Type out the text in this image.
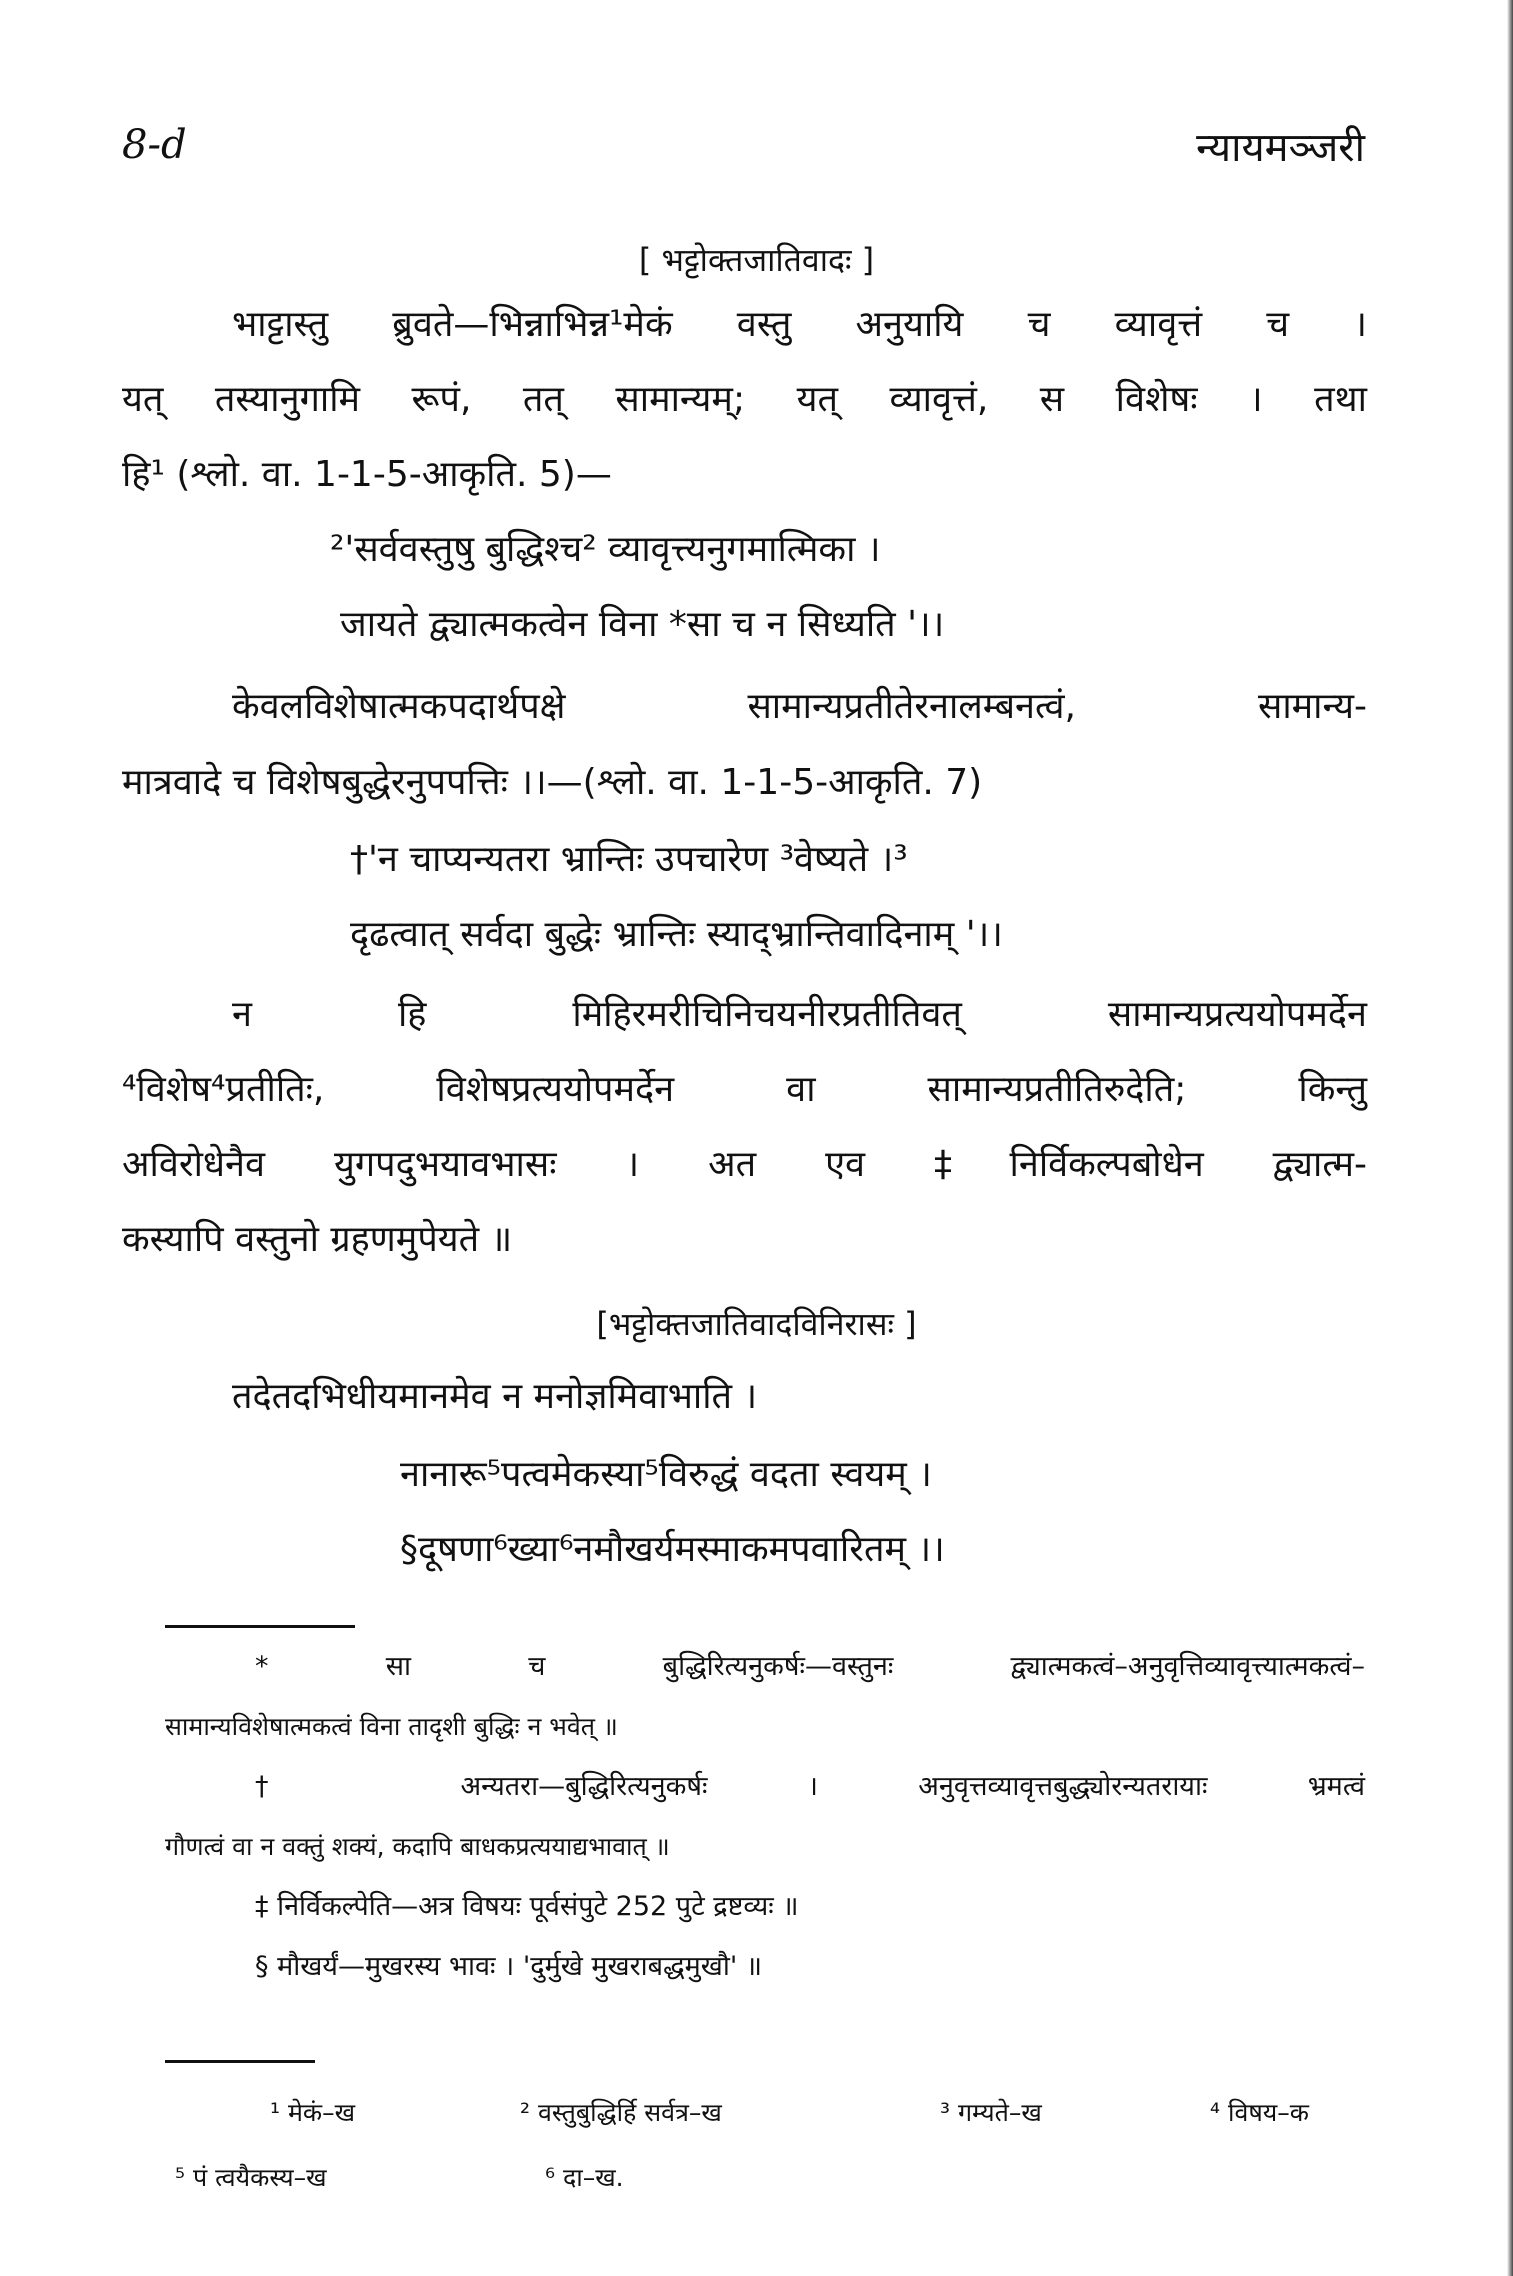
8-d	न्यायमञ्जरी
[ भट्टोक्तजातिवादः ]
भाट्टास्तु ब्रुवते—भिन्नाभिन्न¹मेकं वस्तु अनुयायि च व्यावृत्तं च ।
यत् तस्यानुगामि रूपं, तत् सामान्यम्; यत् व्यावृत्तं, स विशेषः । तथा
हि¹ (श्लो. वा. 1-1-5-आकृति. 5)—
²'सर्ववस्तुषु बुद्धिश्च² व्यावृत्त्यनुगमात्मिका ।
जायते द्व्यात्मकत्वेन विना *सा च न सिध्यति '।।
केवलविशेषात्मकपदार्थपक्षे सामान्यप्रतीतेरनालम्बनत्वं, सामान्य-
मात्रवादे च विशेषबुद्धेरनुपपत्तिः ।।—(श्लो. वा. 1-1-5-आकृति. 7)
†'न चाप्यन्यतरा भ्रान्तिः उपचारेण ³वेष्यते ।³
दृढत्वात् सर्वदा बुद्धेः भ्रान्तिः स्याद्भ्रान्तिवादिनाम् '।।
न हि मिहिरमरीचिनिचयनीरप्रतीतिवत् सामान्यप्रत्ययोपमर्देन
⁴विशेष⁴प्रतीतिः, विशेषप्रत्ययोपमर्देन वा सामान्यप्रतीतिरुदेति; किन्तु
अविरोधेनैव युगपदुभयावभासः । अत एव ‡निर्विकल्पबोधेन द्व्यात्म-
कस्यापि वस्तुनो ग्रहणमुपेयते ॥
[भट्टोक्तजातिवादविनिरासः ]
तदेतदभिधीयमानमेव न मनोज्ञमिवाभाति ।
नानारू⁵पत्वमेकस्या⁵विरुद्धं वदता स्वयम् ।
§दूषणा⁶ख्या⁶नमौखर्यमस्माकमपवारितम् ।।
* सा च बुद्धिरित्यनुकर्षः—वस्तुनः द्व्यात्मकत्वं–अनुवृत्तिव्यावृत्त्यात्मकत्वं–
सामान्यविशेषात्मकत्वं विना तादृशी बुद्धिः न भवेत् ॥
† अन्यतरा—बुद्धिरित्यनुकर्षः । अनुवृत्तव्यावृत्तबुद्ध्योरन्यतरायाः भ्रमत्वं
गौणत्वं वा न वक्तुं शक्यं, कदापि बाधकप्रत्ययाद्यभावात् ॥
‡ निर्विकल्पेति—अत्र विषयः पूर्वसंपुटे 252 पुटे द्रष्टव्यः ॥
§ मौखर्यं—मुखरस्य भावः । 'दुर्मुखे मुखराबद्धमुखौ' ॥
¹ मेकं–ख	² वस्तुबुद्धिर्हि सर्वत्र–ख	³ गम्यते–ख	⁴ विषय–क
⁵ पं त्वयैकस्य–ख	⁶ दा–ख.
